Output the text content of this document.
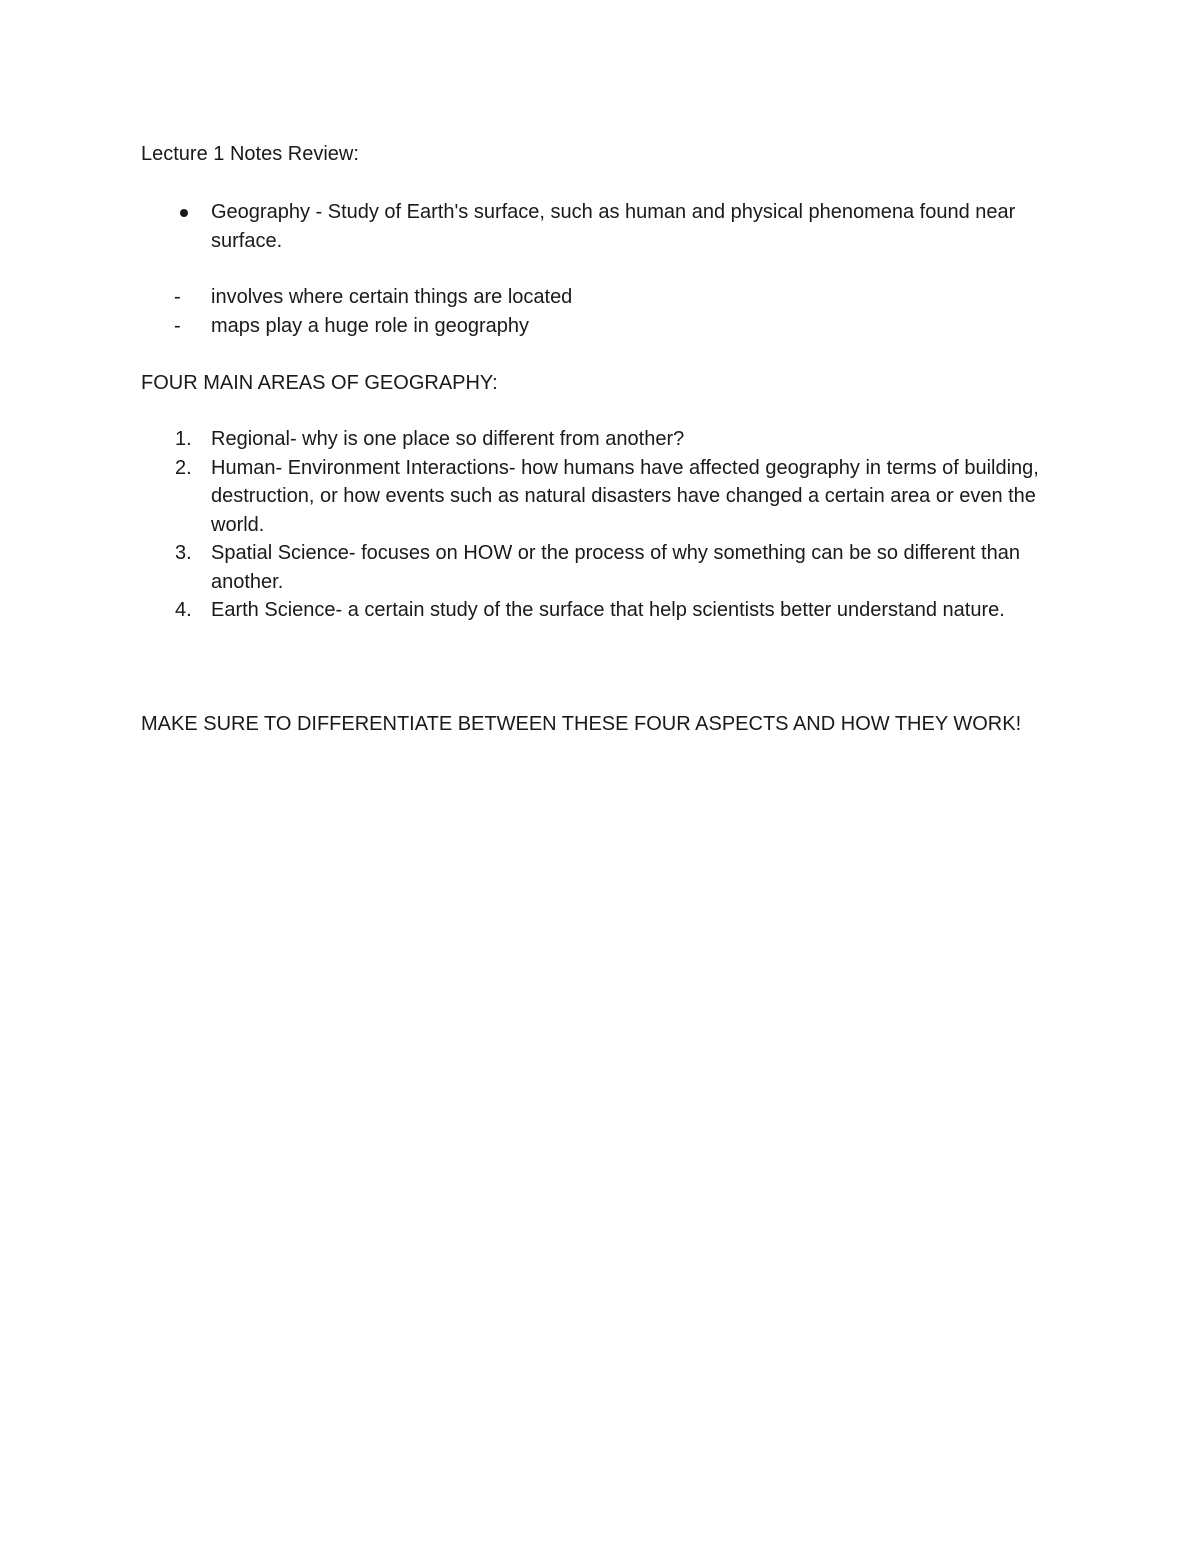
Lecture 1 Notes Review:
Geography - Study of Earth's surface, such as human and physical phenomena found near surface.
- involves where certain things are located
- maps play a huge role in geography
FOUR MAIN AREAS OF GEOGRAPHY:
1. Regional- why is one place so different from another?
2. Human- Environment Interactions- how humans have affected geography in terms of building, destruction, or how events such as natural disasters have changed a certain area or even the world.
3. Spatial Science- focuses on HOW or the process of why something can be so different than another.
4. Earth Science- a certain study of the surface that help scientists better understand nature.
MAKE SURE TO DIFFERENTIATE BETWEEN THESE FOUR ASPECTS AND HOW THEY WORK!
